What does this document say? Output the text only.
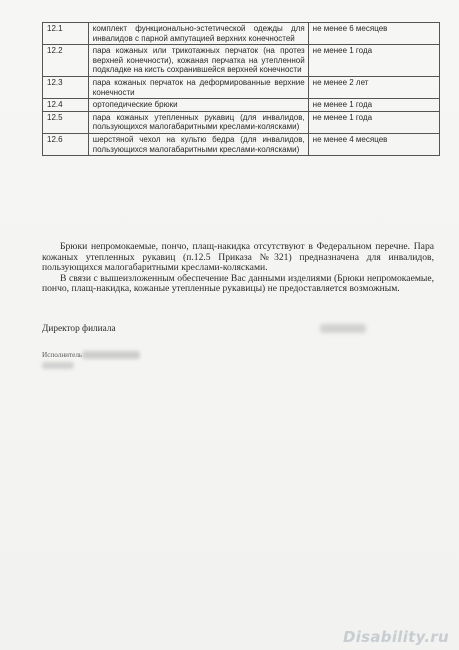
12.1	комплект функционально-эстетической одежды для инвалидов с парной ампутацией верхних конечностей	не менее 6 месяцев
12.2	пара кожаных или трикотажных перчаток (на протез верхней конечности), кожаная перчатка на утепленной подкладке на кисть сохранившейся верхней конечности	не менее 1 года
12.3	пара кожаных перчаток на деформированные верхние конечности	не менее 2 лет
12.4	ортопедические брюки	не менее 1 года
12.5	пара кожаных утепленных рукавиц (для инвалидов, пользующихся малогабаритными креслами-колясками)	не менее 1 года
12.6	шерстяной чехол на культю бедра (для инвалидов, пользующихся малогабаритными креслами-колясками)	не менее 4 месяцев

Брюки непромокаемые, пончо, плащ-накидка отсутствуют в Федеральном перечне. Пара кожаных утепленных рукавиц (п.12.5 Приказа №321) предназначена для инвалидов, пользующихся малогабаритными креслами-колясками.

В связи с вышеизложенным обеспечение Вас данными изделиями (Брюки непромокаемые, пончо, плащ-накидка, кожаные утепленные рукавицы) не предоставляется возможным.

Директор филиала
Исполнитель
Disability.ru
